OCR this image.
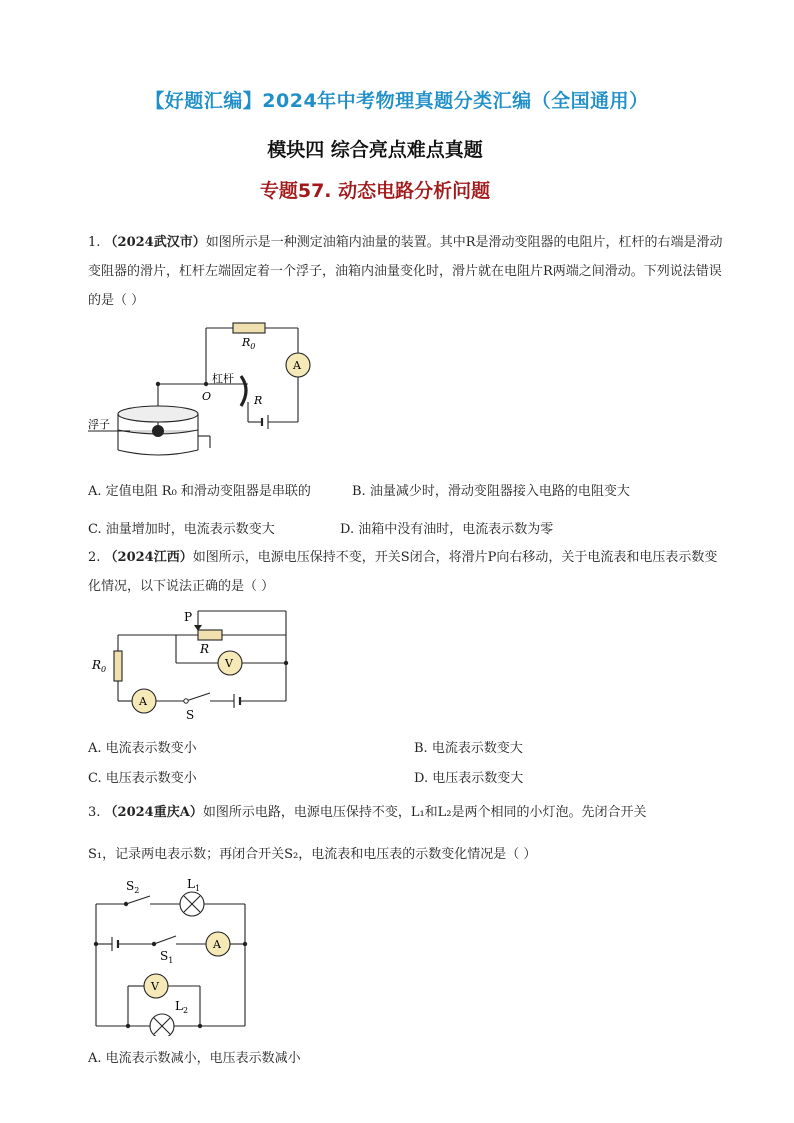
【好题汇编】2024年中考物理真题分类汇编（全国通用）
模块四 综合亮点难点真题
专题57. 动态电路分析问题
1. （2024武汉市）如图所示是一种测定油箱内油量的装置。其中R是滑动变阻器的电阻片，杠杆的右端是滑动变阻器的滑片，杠杆左端固定着一个浮子，油箱内油量变化时，滑片就在电阻片R两端之间滑动。下列说法错误的是（ ）
$R_0$
A
杠杆
O	R
浮子
A. 定值电阻 R₀ 和滑动变阻器是串联的	B. 油量减少时，滑动变阻器接入电路的电阻变大
C. 油量增加时，电流表示数变大	D. 油箱中没有油时，电流表示数为零
2. （2024江西）如图所示，电源电压保持不变，开关S闭合，将滑片P向右移动，关于电流表和电压表示数变化情况，以下说法正确的是（ ）
P
R
V
$R_0$
A
S
A. 电流表示数变小	B. 电流表示数变大
C. 电压表示数变小	D. 电压表示数变大
3. （2024重庆A）如图所示电路，电源电压保持不变，L₁和L₂是两个相同的小灯泡。先闭合开关
S₁，记录两电表示数；再闭合开关S₂，电流表和电压表的示数变化情况是（ ）
$S_2$	$L_1$
$S_1$
A
V
$L_2$
A. 电流表示数减小，电压表示数减小
